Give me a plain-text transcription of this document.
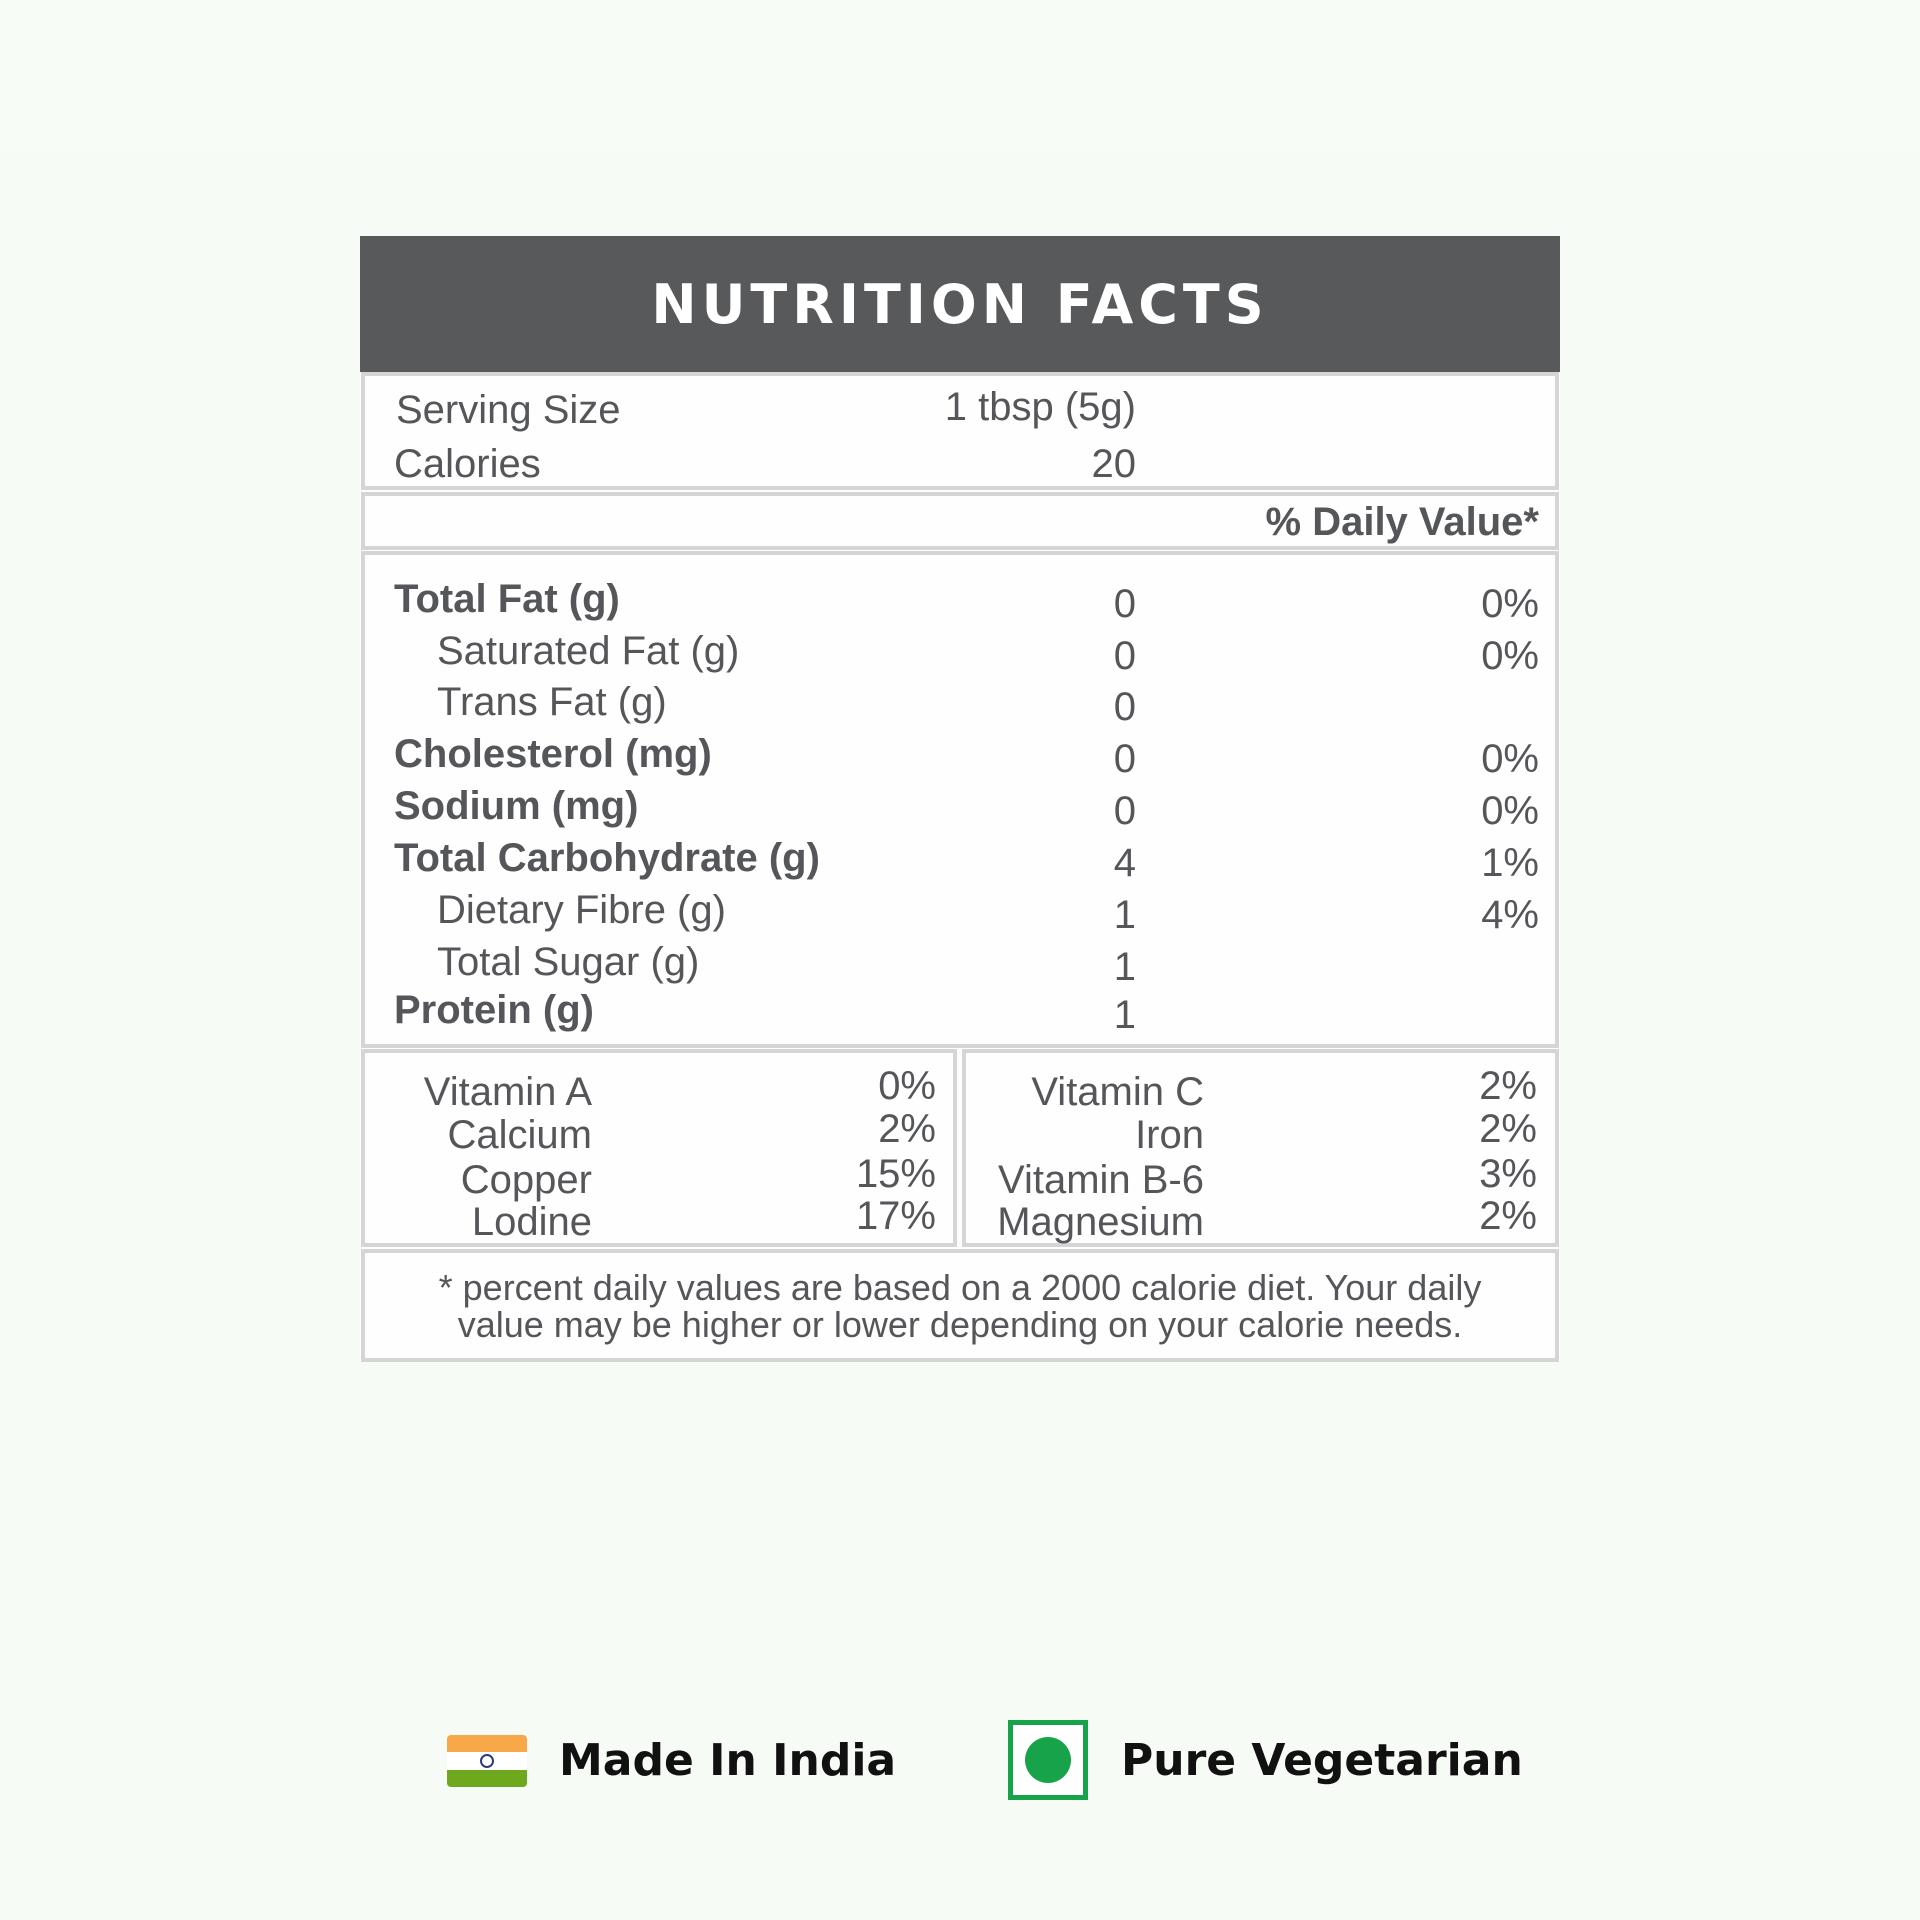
NUTRITION FACTS
Serving Size	1 tbsp (5g)
Calories	20
% Daily Value*
Total Fat (g)	0	0%
Saturated Fat (g)	0	0%
Trans Fat (g)	0
Cholesterol (mg)	0	0%
Sodium (mg)	0	0%
Total Carbohydrate (g)	4	1%
Dietary Fibre (g)	1	4%
Total Sugar (g)	1
Protein (g)	1
Vitamin A	0%
Calcium	2%
Copper	15%
Lodine	17%
Vitamin C	2%
Iron	2%
Vitamin B-6	3%
Magnesium	2%
* percent daily values are based on a 2000 calorie diet. Your daily
value may be higher or lower depending on your calorie needs.
Made In India	Pure Vegetarian
